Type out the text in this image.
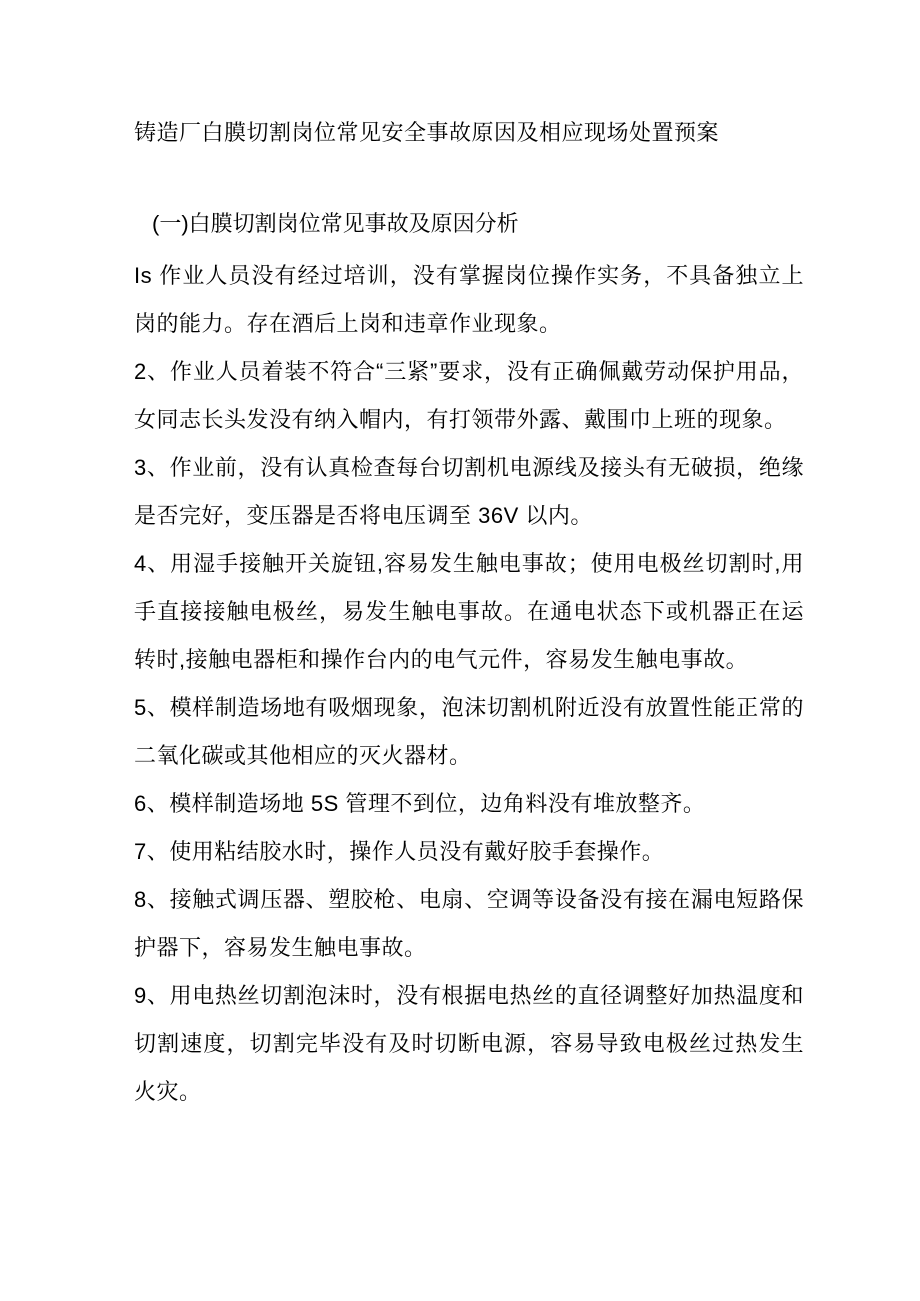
铸造厂白膜切割岗位常见安全事故原因及相应现场处置预案
(一)白膜切割岗位常见事故及原因分析

Is 作业人员没有经过培训，没有掌握岗位操作实务，不具备独立上岗的能力。存在酒后上岗和违章作业现象。

2、作业人员着装不符合“三紧”要求，没有正确佩戴劳动保护用品，女同志长头发没有纳入帽内，有打领带外露、戴围巾上班的现象。

3、作业前，没有认真检查每台切割机电源线及接头有无破损，绝缘是否完好，变压器是否将电压调至 36V 以内。

4、用湿手接触开关旋钮,容易发生触电事故；使用电极丝切割时,用手直接接触电极丝，易发生触电事故。在通电状态下或机器正在运转时,接触电器柜和操作台内的电气元件，容易发生触电事故。

5、模样制造场地有吸烟现象，泡沫切割机附近没有放置性能正常的二氧化碳或其他相应的灭火器材。

6、模样制造场地 5S 管理不到位，边角料没有堆放整齐。

7、使用粘结胶水时，操作人员没有戴好胶手套操作。

8、接触式调压器、塑胶枪、电扇、空调等设备没有接在漏电短路保护器下，容易发生触电事故。

9、用电热丝切割泡沫时，没有根据电热丝的直径调整好加热温度和切割速度，切割完毕没有及时切断电源，容易导致电极丝过热发生火灾。
